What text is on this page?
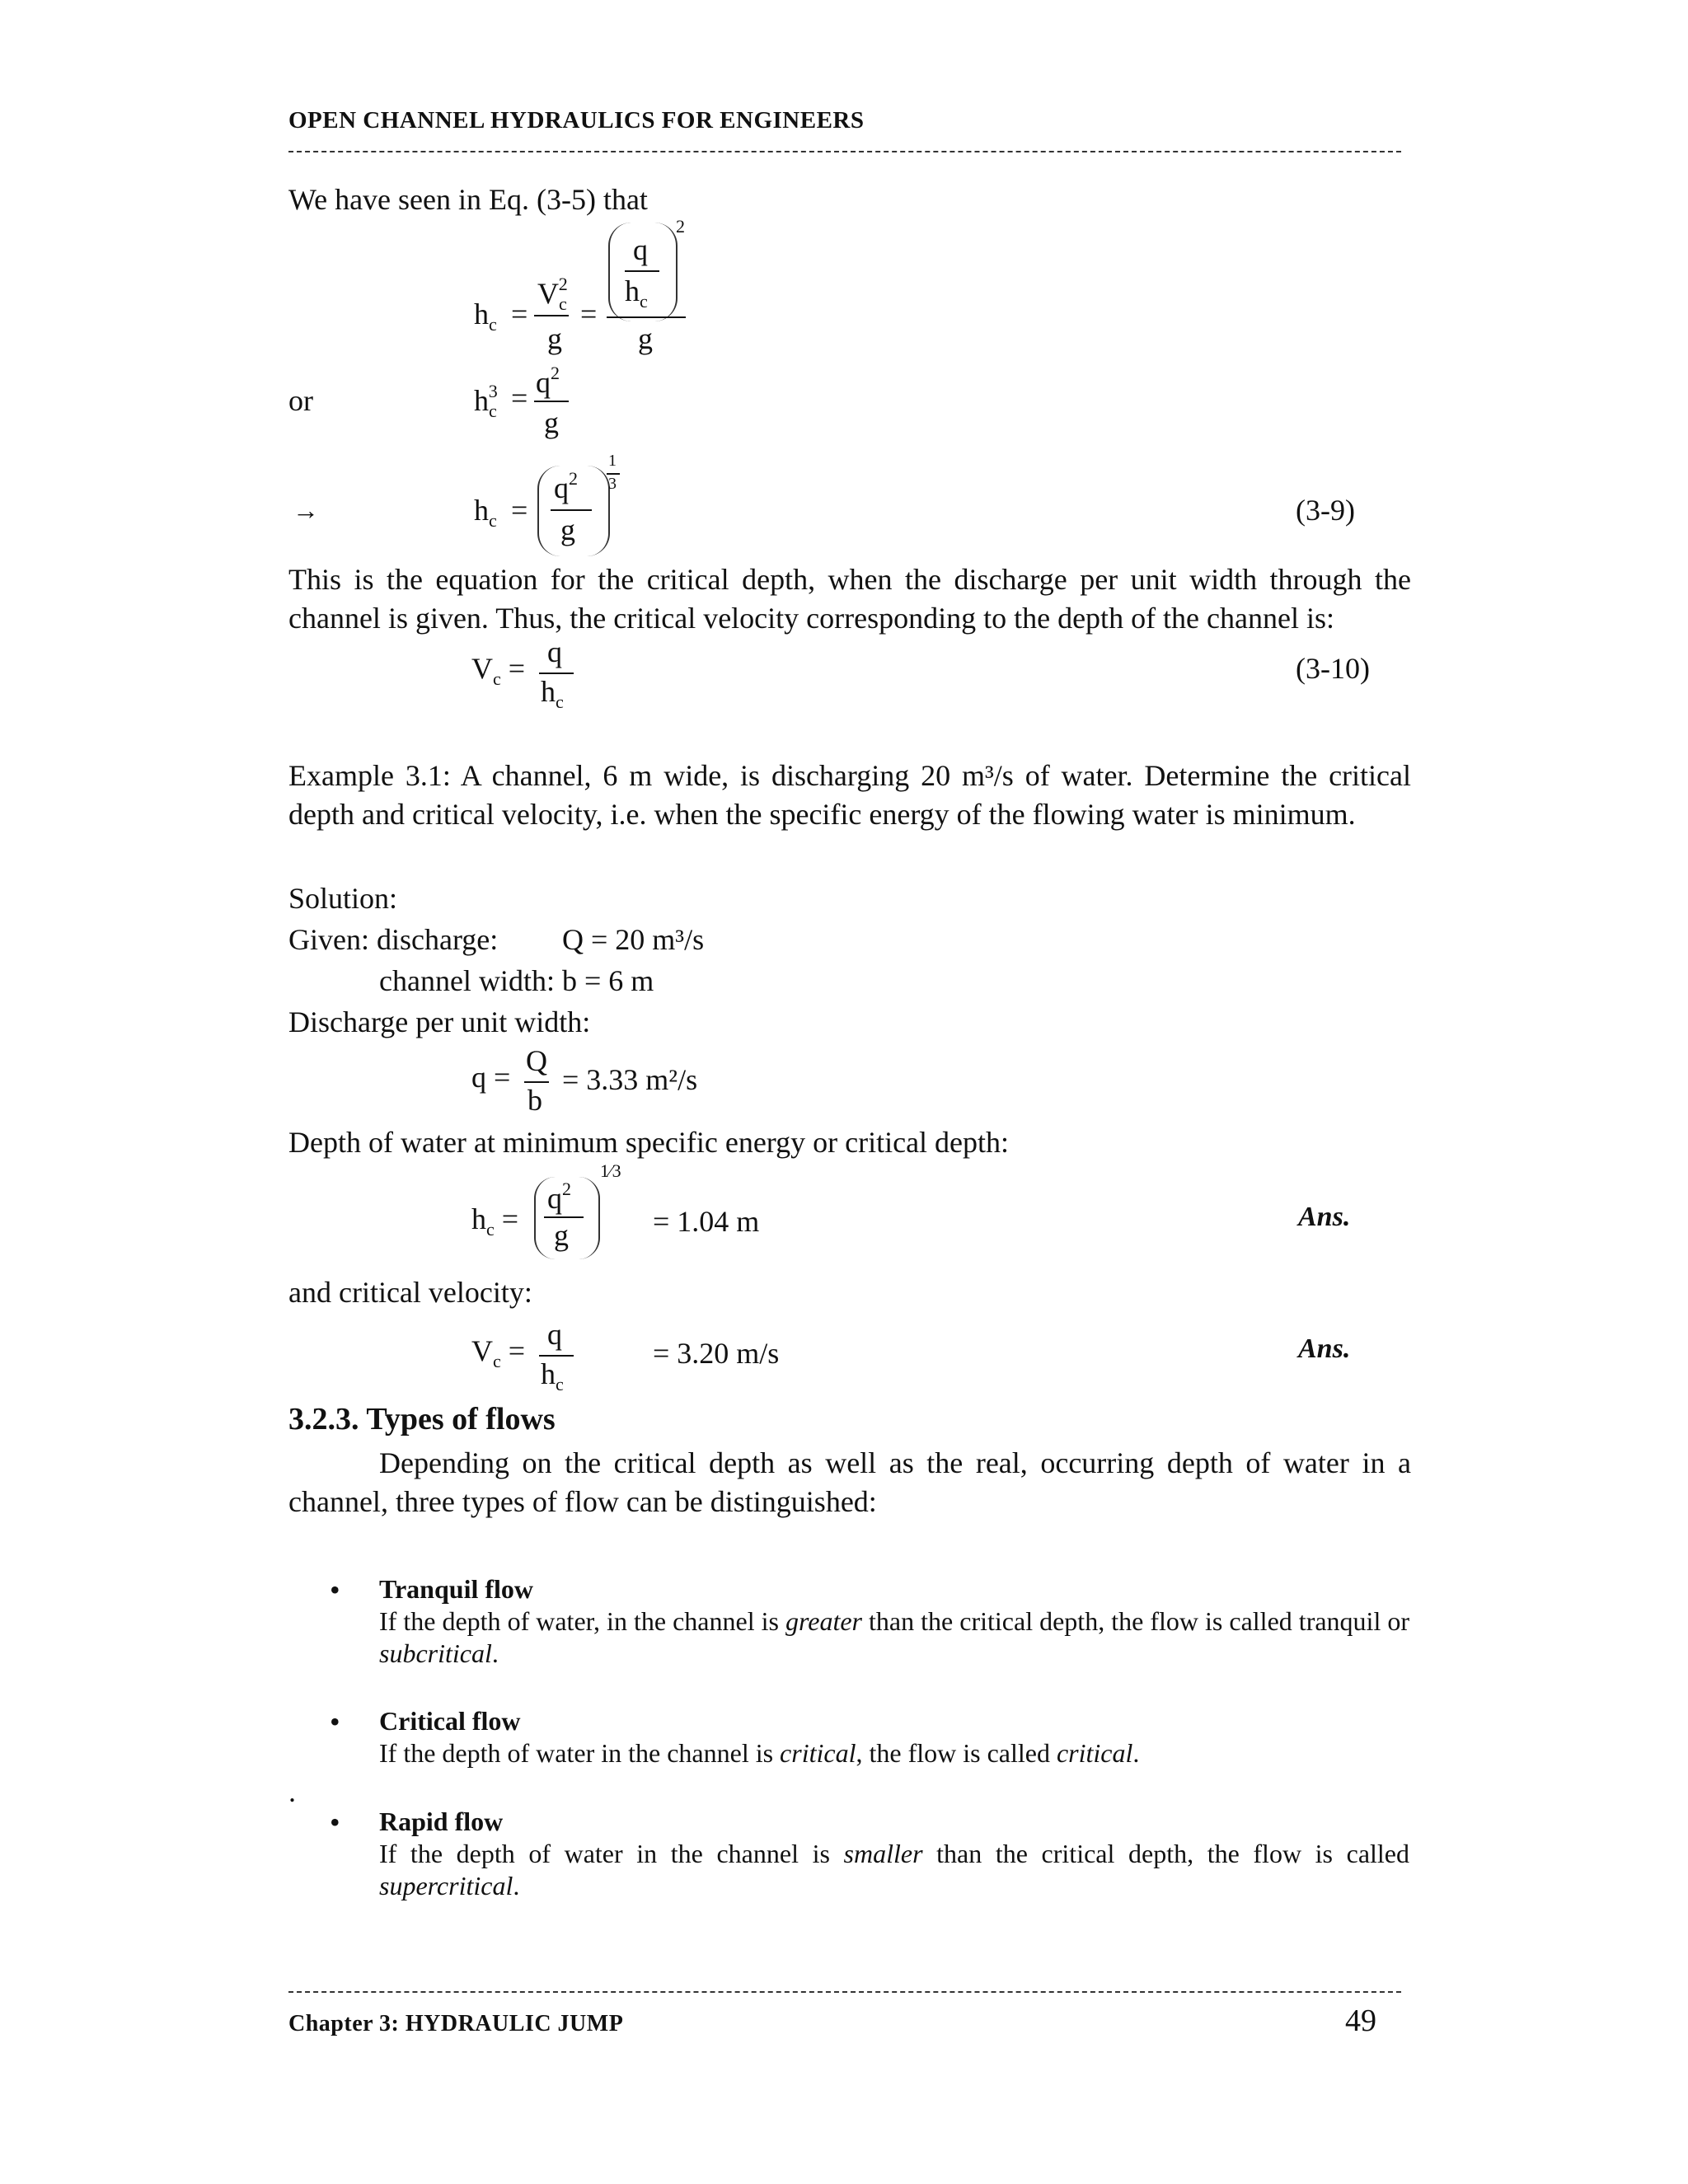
OPEN CHANNEL HYDRAULICS FOR ENGINEERS
We have seen in Eq. (3-5) that
$h_c$ =
$V_c^2$
g
=
q
$h_c$
2
g
or	$h_c^3 = q^2$
g
→	$h_c$ =
$q^2$
g
1
3
(3-9)
This is the equation for the critical depth, when the discharge per unit width through the channel is given. Thus, the critical velocity corresponding to the depth of the channel is:
$V_c = q$
$h_c$
(3-10)
Example 3.1: A channel, 6 m wide, is discharging 20 m³/s of water. Determine the critical depth and critical velocity, i.e. when the specific energy of the flowing water is minimum.
Solution:
Given: discharge: Q = 20 m³/s
channel width: b = 6 m
Discharge per unit width:
q = Q
b
= 3.33 m²/s
Depth of water at minimum specific energy or critical depth:
$h_c$ =
$q^2$
g
1⁄3
= 1.04 m	Ans.
and critical velocity:
$V_c = q$
$h_c$
= 3.20 m/s	Ans.
3.2.3. Types of flows
Depending on the critical depth as well as the real, occurring depth of water in a channel, three types of flow can be distinguished:
• Tranquil flow
If the depth of water, in the channel is greater than the critical depth, the flow is called tranquil or subcritical.
• Critical flow
If the depth of water in the channel is critical, the flow is called critical.
.
• Rapid flow
If the depth of water in the channel is smaller than the critical depth, the flow is called supercritical.
Chapter 3: HYDRAULIC JUMP	49
